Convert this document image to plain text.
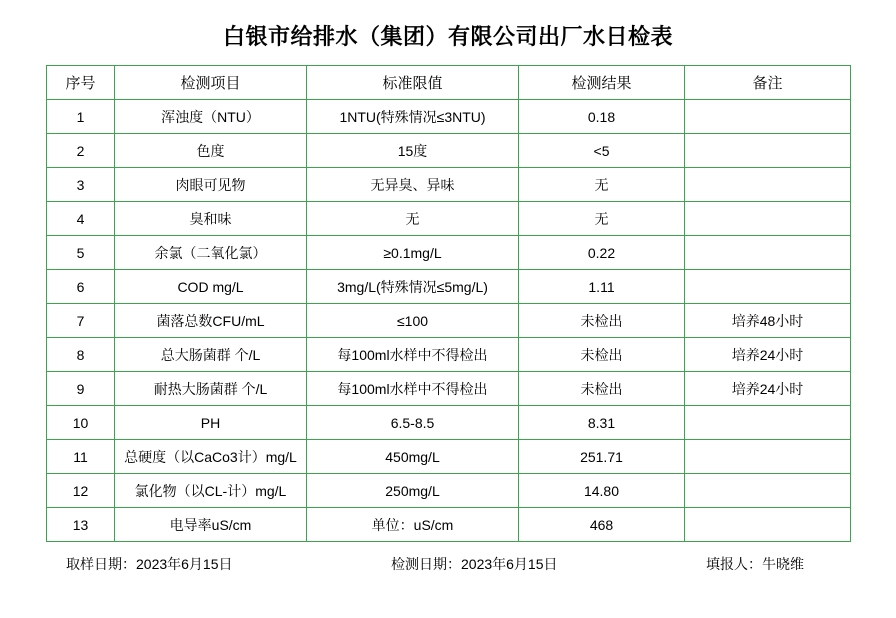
白银市给排水（集团）有限公司出厂水日检表
序号	检测项目	标准限值	检测结果	备注
1	浑浊度（NTU）	1NTU(特殊情况≤3NTU)	0.18	
2	色度	15度	<5	
3	肉眼可见物	无异臭、异味	无	
4	臭和味	无	无	
5	余氯（二氧化氯）	≥0.1mg/L	0.22	
6	COD mg/L	3mg/L(特殊情况≤5mg/L)	1.11	
7	菌落总数CFU/mL	≤100	未检出	培养48小时
8	总大肠菌群 个/L	每100ml水样中不得检出	未检出	培养24小时
9	耐热大肠菌群 个/L	每100ml水样中不得检出	未检出	培养24小时
10	PH	6.5-8.5	8.31	
11	总硬度（以CaCo3计）mg/L	450mg/L	251.71	
12	氯化物（以CL-计）mg/L	250mg/L	14.80	
13	电导率uS/cm	单位：uS/cm	468	
取样日期：2023年6月15日	检测日期：2023年6月15日	填报人：牛晓维
